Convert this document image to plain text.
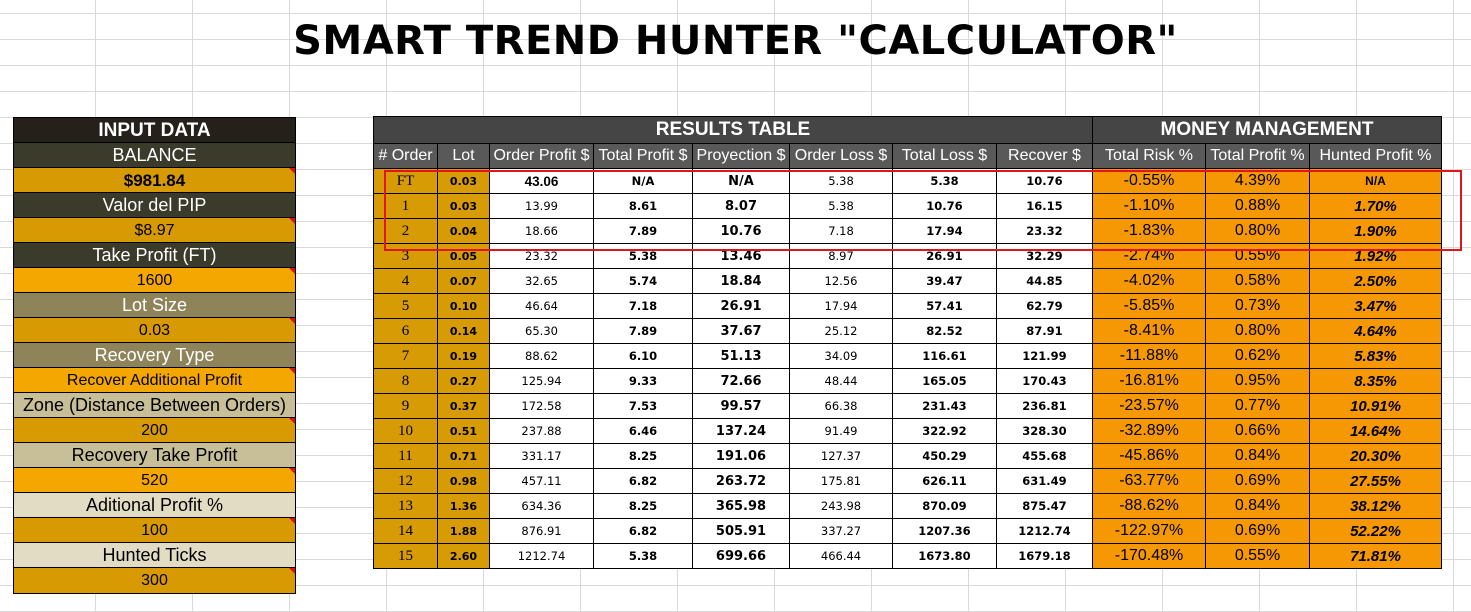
SMART TREND HUNTER "CALCULATOR"
INPUT DATA
BALANCE
$981.84
Valor del PIP
$8.97
Take Profit (FT)
1600
Lot Size
0.03
Recovery Type
Recover Additional Profit
Zone (Distance Between Orders)
200
Recovery Take Profit
520
Aditional Profit %
100
Hunted Ticks
300
RESULTS TABLE								MONEY MANAGEMENT		
# Order	Lot	Order Profit $	Total Profit $	Proyection $	Order Loss $	Total Loss $	Recover $	Total Risk %	Total Profit %	Hunted Profit %
FT	0.03	43.06	N/A	N/A	5.38	5.38	10.76	-0.55%	4.39%	N/A
1	0.03	13.99	8.61	8.07	5.38	10.76	16.15	-1.10%	0.88%	1.70%
2	0.04	18.66	7.89	10.76	7.18	17.94	23.32	-1.83%	0.80%	1.90%
3	0.05	23.32	5.38	13.46	8.97	26.91	32.29	-2.74%	0.55%	1.92%
4	0.07	32.65	5.74	18.84	12.56	39.47	44.85	-4.02%	0.58%	2.50%
5	0.10	46.64	7.18	26.91	17.94	57.41	62.79	-5.85%	0.73%	3.47%
6	0.14	65.30	7.89	37.67	25.12	82.52	87.91	-8.41%	0.80%	4.64%
7	0.19	88.62	6.10	51.13	34.09	116.61	121.99	-11.88%	0.62%	5.83%
8	0.27	125.94	9.33	72.66	48.44	165.05	170.43	-16.81%	0.95%	8.35%
9	0.37	172.58	7.53	99.57	66.38	231.43	236.81	-23.57%	0.77%	10.91%
10	0.51	237.88	6.46	137.24	91.49	322.92	328.30	-32.89%	0.66%	14.64%
11	0.71	331.17	8.25	191.06	127.37	450.29	455.68	-45.86%	0.84%	20.30%
12	0.98	457.11	6.82	263.72	175.81	626.11	631.49	-63.77%	0.69%	27.55%
13	1.36	634.36	8.25	365.98	243.98	870.09	875.47	-88.62%	0.84%	38.12%
14	1.88	876.91	6.82	505.91	337.27	1207.36	1212.74	-122.97%	0.69%	52.22%
15	2.60	1212.74	5.38	699.66	466.44	1673.80	1679.18	-170.48%	0.55%	71.81%
